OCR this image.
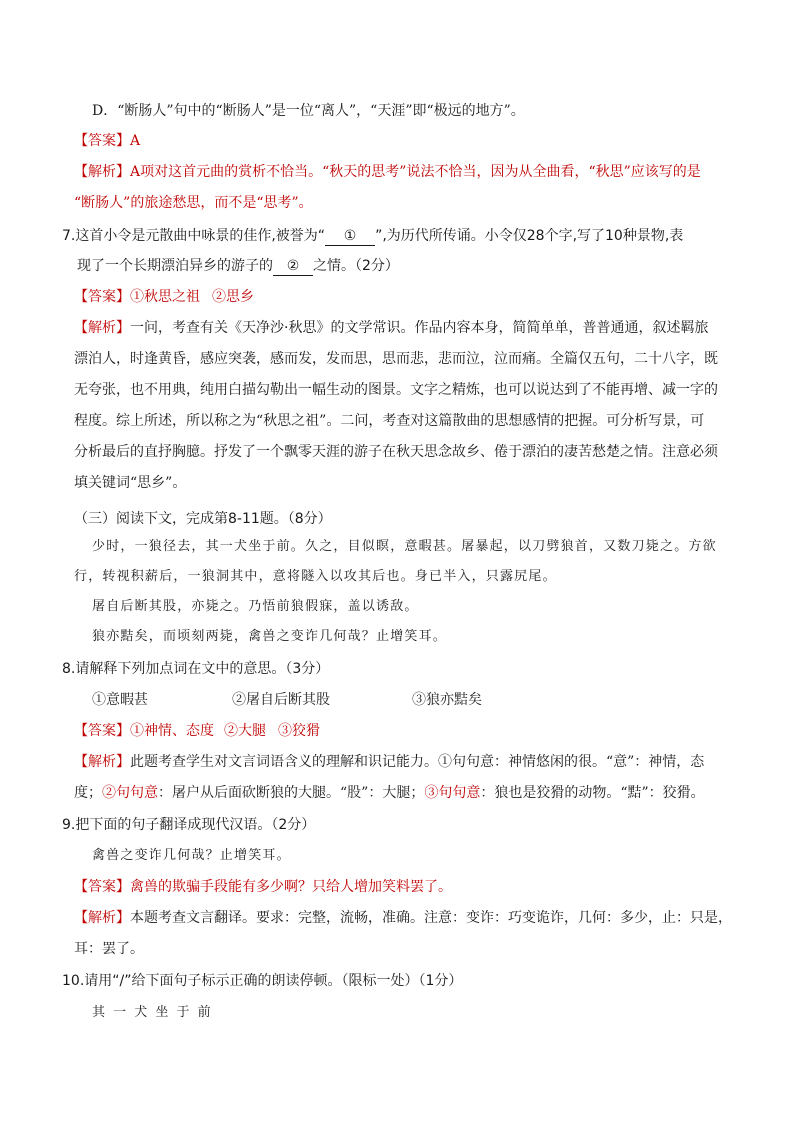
D．“断肠人”句中的“断肠人”是一位“离人”，“天涯”即“极远的地方”。
【答案】A
【解析】A项对这首元曲的赏析不恰当。“秋天的思考”说法不恰当，因为从全曲看，“秋思”应该写的是
“断肠人”的旅途愁思，而不是“思考”。
7.这首小令是元散曲中咏景的佳作,被誉为“ ① ”,为历代所传诵。小令仅28个字,写了10种景物,表
现了一个长期漂泊异乡的游子的 ② 之情。（2分）
【答案】①秋思之祖 ②思乡
【解析】一问，考查有关《天净沙·秋思》的文学常识。作品内容本身，简简单单，普普通通，叙述羁旅
漂泊人，时逢黄昏，感应突袭，感而发，发而思，思而悲，悲而泣，泣而痛。全篇仅五句，二十八字，既
无夸张，也不用典，纯用白描勾勒出一幅生动的图景。文字之精炼，也可以说达到了不能再增、减一字的
程度。综上所述，所以称之为“秋思之祖”。二问，考查对这篇散曲的思想感情的把握。可分析写景，可
分析最后的直抒胸臆。抒发了一个飘零天涯的游子在秋天思念故乡、倦于漂泊的凄苦愁楚之情。注意必须
填关键词“思乡”。
（三）阅读下文，完成第8-11题。（8分）
少时，一狼径去，其一犬坐于前。久之，目似瞑，意暇甚。屠暴起，以刀劈狼首，又数刀毙之。方欲
行，转视积薪后，一狼洞其中，意将隧入以攻其后也。身已半入，只露尻尾。
屠自后断其股，亦毙之。乃悟前狼假寐，盖以诱敌。
狼亦黠矣，而顷刻两毙，禽兽之变诈几何哉？止增笑耳。
8.请解释下列加点词在文中的意思。（3分）
①意暇甚	②屠自后断其股	③狼亦黠矣
【答案】①神情、态度 ②大腿 ③狡猾
【解析】此题考查学生对文言词语含义的理解和识记能力。①句句意：神情悠闲的很。“意”：神情，态
度；②句句意：屠户从后面砍断狼的大腿。“股”：大腿；③句句意：狼也是狡猾的动物。“黠”：狡猾。
9.把下面的句子翻译成现代汉语。（2分）
禽兽之变诈几何哉？止增笑耳。
【答案】禽兽的欺骗手段能有多少啊？只给人增加笑料罢了。
【解析】本题考查文言翻译。要求：完整，流畅，准确。注意：变诈：巧变诡诈，几何：多少，止：只是，
耳：罢了。
10.请用“/”给下面句子标示正确的朗读停顿。（限标一处）（1分）
其 一 犬 坐 于 前
